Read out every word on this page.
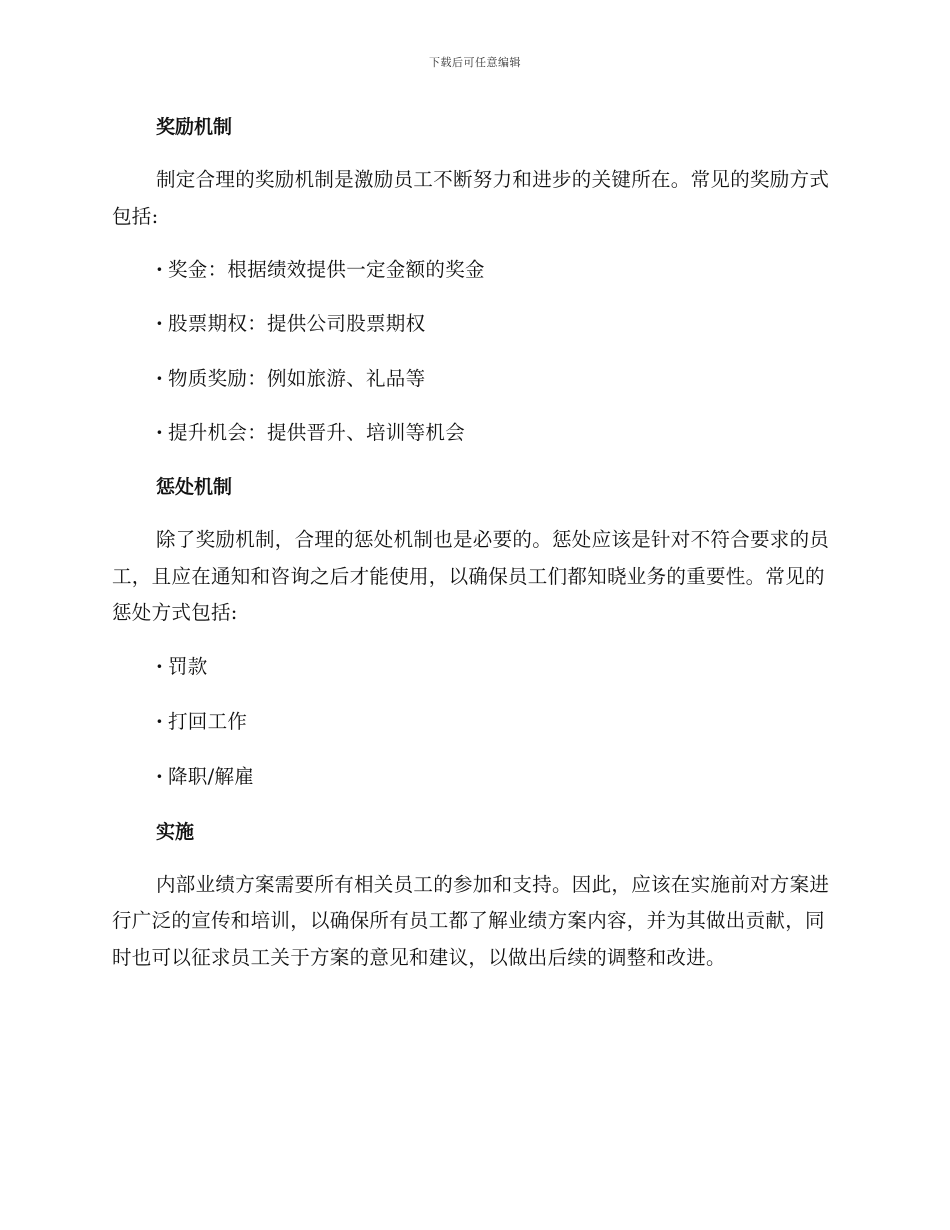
下载后可任意编辑
奖励机制

制定合理的奖励机制是激励员工不断努力和进步的关键所在。常见的奖励方式包括:

· 奖金：根据绩效提供一定金额的奖金
· 股票期权：提供公司股票期权
· 物质奖励：例如旅游、礼品等
· 提升机会：提供晋升、培训等机会
惩处机制

除了奖励机制，合理的惩处机制也是必要的。惩处应该是针对不符合要求的员工，且应在通知和咨询之后才能使用，以确保员工们都知晓业务的重要性。常见的惩处方式包括:

· 罚款
· 打回工作
· 降职/解雇
实施

内部业绩方案需要所有相关员工的参加和支持。因此，应该在实施前对方案进行广泛的宣传和培训，以确保所有员工都了解业绩方案内容，并为其做出贡献，同时也可以征求员工关于方案的意见和建议，以做出后续的调整和改进。
